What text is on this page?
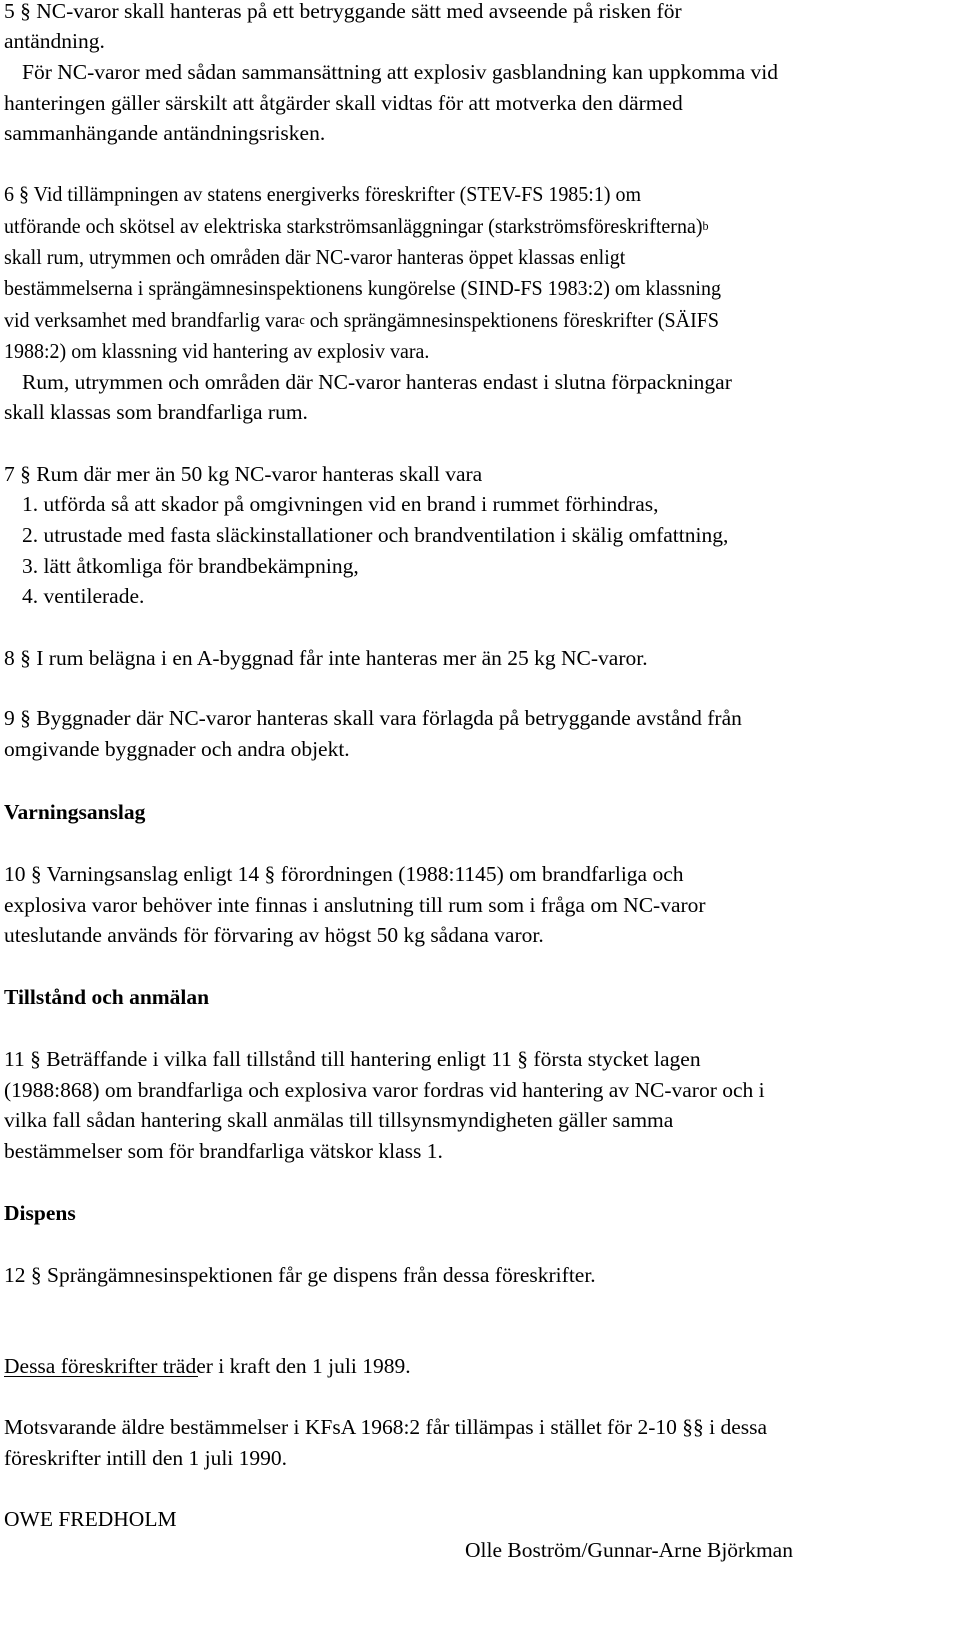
5 § NC-varor skall hanteras på ett betryggande sätt med avseende på risken för
antändning.
För NC-varor med sådan sammansättning att explosiv gasblandning kan uppkomma vid
hanteringen gäller särskilt att åtgärder skall vidtas för att motverka den därmed
sammanhängande antändningsrisken.
6 § Vid tillämpningen av statens energiverks föreskrifter (STEV-FS 1985:1) om
utförande och skötsel av elektriska starkströmsanläggningar (starkströmsföreskrifterna)$^b$
skall rum, utrymmen och områden där NC-varor hanteras öppet klassas enligt
bestämmelserna i sprängämnesinspektionens kungörelse (SIND-FS 1983:2) om klassning
vid verksamhet med brandfarlig vara$^c$ och sprängämnesinspektionens föreskrifter (SÄIFS
1988:2) om klassning vid hantering av explosiv vara.
Rum, utrymmen och områden där NC-varor hanteras endast i slutna förpackningar
skall klassas som brandfarliga rum.
7 § Rum där mer än 50 kg NC-varor hanteras skall vara
1. utförda så att skador på omgivningen vid en brand i rummet förhindras,
2. utrustade med fasta släckinstallationer och brandventilation i skälig omfattning,
3. lätt åtkomliga för brandbekämpning,
4. ventilerade.
8 § I rum belägna i en A-byggnad får inte hanteras mer än 25 kg NC-varor.
9 § Byggnader där NC-varor hanteras skall vara förlagda på betryggande avstånd från
omgivande byggnader och andra objekt.
Varningsanslag
10 § Varningsanslag enligt 14 § förordningen (1988:1145) om brandfarliga och
explosiva varor behöver inte finnas i anslutning till rum som i fråga om NC-varor
uteslutande används för förvaring av högst 50 kg sådana varor.
Tillstånd och anmälan
11 § Beträffande i vilka fall tillstånd till hantering enligt 11 § första stycket lagen
(1988:868) om brandfarliga och explosiva varor fordras vid hantering av NC-varor och i
vilka fall sådan hantering skall anmälas till tillsynsmyndigheten gäller samma
bestämmelser som för brandfarliga vätskor klass 1.
Dispens
12 § Sprängämnesinspektionen får ge dispens från dessa föreskrifter.
Dessa föreskrifter träder i kraft den 1 juli 1989.
Motsvarande äldre bestämmelser i KFsA 1968:2 får tillämpas i stället för 2-10 §§ i dessa
föreskrifter intill den 1 juli 1990.
OWE FREDHOLM
Olle Boström/Gunnar-Arne Björkman
